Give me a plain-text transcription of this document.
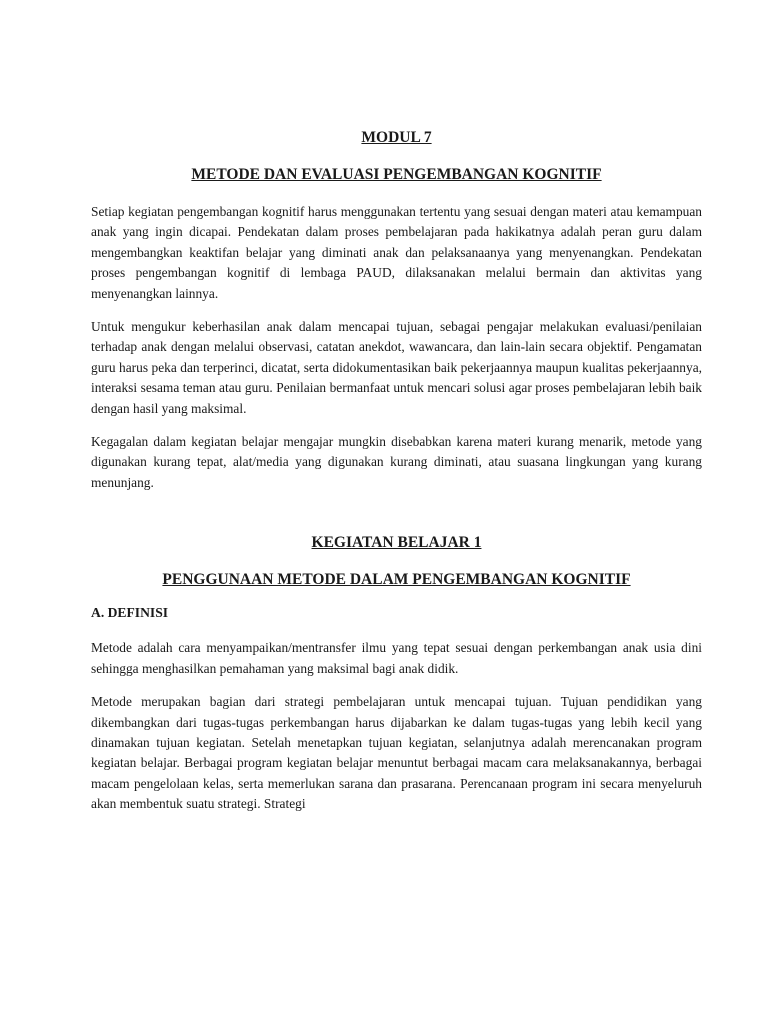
MODUL 7
METODE DAN EVALUASI PENGEMBANGAN KOGNITIF

Setiap kegiatan pengembangan kognitif harus menggunakan tertentu yang sesuai dengan materi atau kemampuan anak yang ingin dicapai. Pendekatan dalam proses pembelajaran pada hakikatnya adalah peran guru dalam mengembangkan keaktifan belajar yang diminati anak dan pelaksanaanya yang menyenangkan. Pendekatan proses pengembangan kognitif di lembaga PAUD, dilaksanakan melalui bermain dan aktivitas yang menyenangkan lainnya.

Untuk mengukur keberhasilan anak dalam mencapai tujuan, sebagai pengajar melakukan evaluasi/penilaian terhadap anak dengan melalui observasi, catatan anekdot, wawancara, dan lain-lain secara objektif. Pengamatan guru harus peka dan terperinci, dicatat, serta didokumentasikan baik pekerjaannya maupun kualitas pekerjaannya, interaksi sesama teman atau guru. Penilaian bermanfaat untuk mencari solusi agar proses pembelajaran lebih baik dengan hasil yang maksimal.

Kegagalan dalam kegiatan belajar mengajar mungkin disebabkan karena materi kurang menarik, metode yang digunakan kurang tepat, alat/media yang digunakan kurang diminati, atau suasana lingkungan yang kurang menunjang.

KEGIATAN BELAJAR 1
PENGGUNAAN METODE DALAM PENGEMBANGAN KOGNITIF
A. DEFINISI

Metode adalah cara menyampaikan/mentransfer ilmu yang tepat sesuai dengan perkembangan anak usia dini sehingga menghasilkan pemahaman yang maksimal bagi anak didik.

Metode merupakan bagian dari strategi pembelajaran untuk mencapai tujuan. Tujuan pendidikan yang dikembangkan dari tugas-tugas perkembangan harus dijabarkan ke dalam tugas-tugas yang lebih kecil yang dinamakan tujuan kegiatan. Setelah menetapkan tujuan kegiatan, selanjutnya adalah merencanakan program kegiatan belajar. Berbagai program kegiatan belajar menuntut berbagai macam cara melaksanakannya, berbagai macam pengelolaan kelas, serta memerlukan sarana dan prasarana. Perencanaan program ini secara menyeluruh akan membentuk suatu strategi. Strategi
